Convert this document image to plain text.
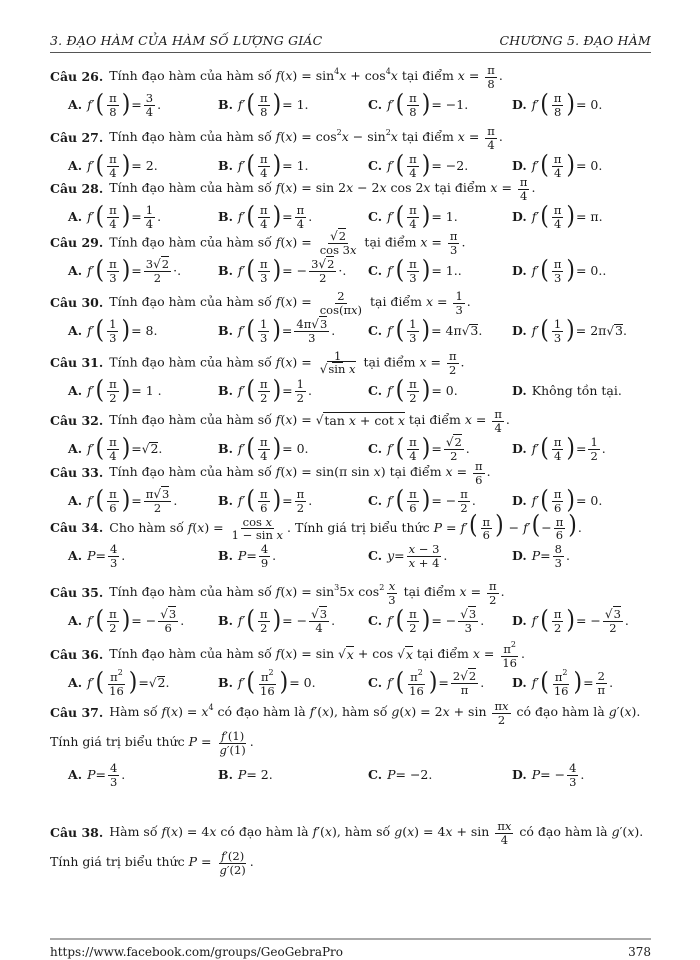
3. ĐẠO HÀM CỦA HÀM SỐ LƯỢNG GIÁC	CHƯƠNG 5. ĐẠO HÀM
Câu 26. Tính đạo hàm của hàm số $f(x) = \sin^4x + \cos^4x$ tại điểm $x = \frac{\pi}{8}$ .
A. f ′ ( $\frac{\pi}{8}$ ) = $\frac{3}{4}$ .	B. f ′ ( $\frac{\pi}{8}$ ) = 1.	C. f ′ ( $\frac{\pi}{8}$ ) = −1.	D. f ′ ( $\frac{\pi}{8}$ ) = 0.
Câu 27. Tính đạo hàm của hàm số $f(x) = \cos^2x - \sin^2x$ tại điểm $x = \frac{\pi}{4}$ .
A. f ′ ( $\frac{\pi}{4}$ ) = 2.	B. f ′ ( $\frac{\pi}{4}$ ) = 1.	C. f ′ ( $\frac{\pi}{4}$ ) = −2.	D. f ′ ( $\frac{\pi}{4}$ ) = 0.
Câu 28. Tính đạo hàm của hàm số f(x) = sin 2x − 2x cos 2x tại điểm $x = \frac{\pi}{4}$ .
A. f ′ ( $\frac{\pi}{4}$ ) = $\frac{1}{4}$ .	B. f ′ ( $\frac{\pi}{4}$ ) = $\frac{\pi}{4}$ .	C. f ′ ( $\frac{\pi}{4}$ ) = 1.	D. f ′ ( $\frac{\pi}{4}$ ) = π.
Câu 29. Tính đạo hàm của hàm số $f(x) = \frac{√2}{\cos 3x}$ tại điểm $x = \frac{\pi}{3}$ .
A. f ′ ( $\frac{\pi}{3}$ ) = $\frac{3√2}{2}$ ·.	B. f ′ ( $\frac{\pi}{3}$ ) = − $\frac{3√2}{2}$ ·. C. f ′ ( $\frac{\pi}{3}$ ) = 1..	D. f ′ ( $\frac{\pi}{3}$ ) = 0..
Câu 30. Tính đạo hàm của hàm số $f(x) = \frac{2}{\cos(\pi x)}$ tại điểm $x = \frac{1}{3}$ .
A. f ′ ( $\frac{1}{3}$ ) = 8.	B. f ′ ( $\frac{1}{3}$ ) = $\frac{4\pi√3}{3}$ .	C. f ′ ( $\frac{1}{3}$ ) = 4π √ 3 . D. f ′ ( $\frac{1}{3}$ ) = 2π √ 3 .
Câu 31. Tính đạo hàm của hàm số $f(x) = \frac{1}{\text{√sin x}}$ tại điểm $x = \frac{\pi}{2}$ .
A. f ′ ( $\frac{\pi}{2}$ ) = 1 .	B. f ′ ( $\frac{\pi}{2}$ ) = $\frac{1}{2}$ .	C. f ′ ( $\frac{\pi}{2}$ ) = 0.	D. Không tồn tại.
Câu 32. Tính đạo hàm của hàm số f(x) = √tan x + cot x tại điểm $x = \frac{\pi}{4}$ .
A. f ′ ( $\frac{\pi}{4}$ ) = √ 2 .	B. f ′ ( $\frac{\pi}{4}$ ) = 0.	C. f ′ ( $\frac{\pi}{4}$ ) = $\frac{√2}{2}$ .	D. f ′ ( $\frac{\pi}{4}$ ) = $\frac{1}{2}$ .
Câu 33. Tính đạo hàm của hàm số f(x) = sin(π sin x) tại điểm $x = \frac{\pi}{6}$ .
A. f ′ ( $\frac{\pi}{6}$ ) = $\frac{\pi√3}{2}$ .	B. f ′ ( $\frac{\pi}{6}$ ) = $\frac{\pi}{2}$ .	C. f ′ ( $\frac{\pi}{6}$ ) = − $\frac{\pi}{2}$ .	D. f ′ ( $\frac{\pi}{6}$ ) = 0.
Câu 34. Cho hàm số $f(x) = \frac{\text{cos x}}{\text{1 − sin x}}$ . Tính giá trị biểu thức $P = f'( \frac{\pi}{6}$ ) − $f'(- \frac{\pi}{6}$ ).
A. $P = \frac{4}{3}$ .	B. $P = \frac{4}{9}$ .	C. $y = \frac{x - 3}{x + 4}$ .	D. $P = \frac{8}{3}$ .
Câu 35. Tính đạo hàm của hàm số $f(x) = \sin^35x$ $\cos^2 \frac{x}{3}$ tại điểm $x = \frac{\pi}{2}$ .
A. f ′ ( $\frac{\pi}{2}$ ) = − $\frac{√3}{6}$ .	B. f ′ ( $\frac{\pi}{2}$ ) = − $\frac{√3}{4}$ .	C. f ′ ( $\frac{\pi}{2}$ ) = − $\frac{√3}{3}$ . D. f ′ ( $\frac{\pi}{2}$ ) = − $\frac{√3}{2}$ .
Câu 36. Tính đạo hàm của hàm số f(x) = sin √x + cos √x tại điểm $x = \frac{\pi^2}{16}$ .
A. f ′ ( $\frac{\pi^2}{16}$ ) = √ 2 .	B. f ′ ( $\frac{\pi^2}{16}$ ) = 0.	C. f ′ ( $\frac{\pi^2}{16}$ ) = $\frac{2√2}{\pi}$ . D. f ′ ( $\frac{\pi^2}{16}$ ) = $\frac{2}{\pi}$ .
Câu 37. Hàm số $f(x) = x^4$ có đạo hàm là f′(x), hàm số $g(x) = 2x + \sin \frac{\pi x}{2}$ có đạo hàm là g′(x).
Tính giá trị biểu thức $P = \frac{f'(1)}{g'(1)}$ .
A. $P = \frac{4}{3}$ .	B. P = 2.	C. P = −2.	D. P = − $\frac{4}{3}$ .
Câu 38. Hàm số f(x) = 4x có đạo hàm là f′(x), hàm số $g(x) = 4x + \sin \frac{\pi x}{4}$ có đạo hàm là g′(x).
Tính giá trị biểu thức $P = \frac{f'(2)}{g'(2)}$ .
https://www.facebook.com/groups/GeoGebraPro	378
